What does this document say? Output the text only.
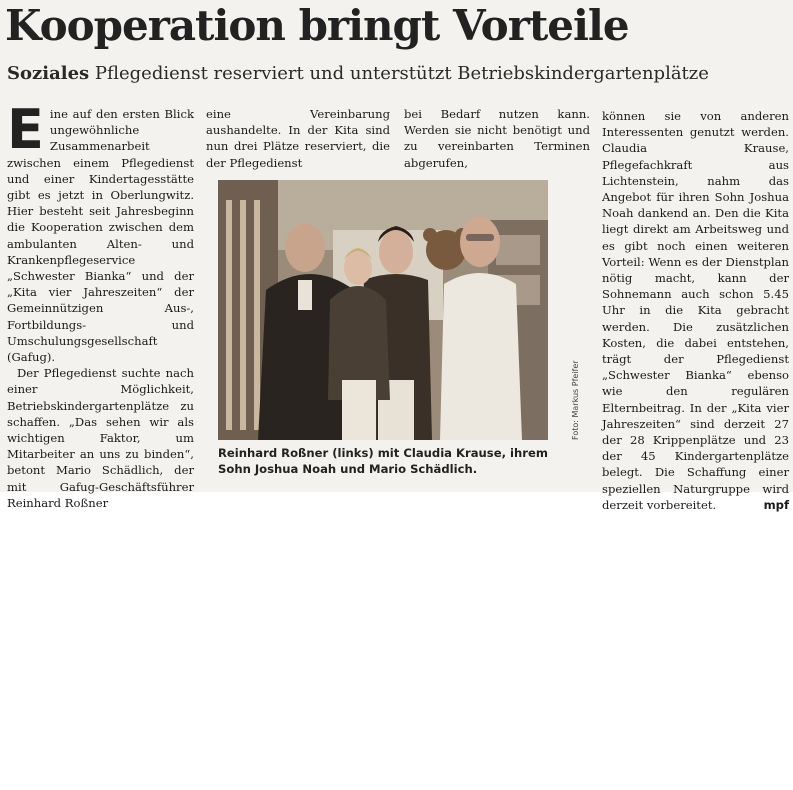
Kooperation bringt Vorteile
Soziales Pflegedienst reserviert und unterstützt Betriebskindergartenplätze

Eine auf den ersten Blick ungewöhnliche Zusammenarbeit zwischen einem Pflegedienst und einer Kindertagesstätte gibt es jetzt in Oberlungwitz. Hier besteht seit Jahresbeginn die Kooperation zwischen dem ambulanten Alten- und Krankenpflegeservice „Schwester Bianka“ und der „Kita vier Jahreszeiten“ der Gemeinnützigen Aus-, Fortbildungs- und Umschulungsgesellschaft (Gafug).

Der Pflegedienst suchte nach einer Möglichkeit, Betriebskindergartenplätze zu schaffen. „Das sehen wir als wichtigen Faktor, um Mitarbeiter an uns zu binden“, betont Mario Schädlich, der mit Gafug-Geschäftsführer Reinhard Roßner

eine Vereinbarung aushandelte. In der Kita sind nun drei Plätze reserviert, die der Pflegedienst

bei Bedarf nutzen kann. Werden sie nicht benötigt und zu vereinbarten Terminen abgerufen,

können sie von anderen Interessenten genutzt werden. Claudia Krause, Pflegefachkraft aus Lichtenstein, nahm das Angebot für ihren Sohn Joshua Noah dankend an. Den die Kita liegt direkt am Arbeitsweg und es gibt noch einen weiteren Vorteil: Wenn es der Dienstplan nötig macht, kann der Sohnemann auch schon 5.45 Uhr in die Kita gebracht werden. Die zusätzlichen Kosten, die dabei entstehen, trägt der Pflegedienst „Schwester Bianka“ ebenso wie den regulären Elternbeitrag. In der „Kita vier Jahreszeiten“ sind derzeit 27 der 28 Krippenplätze und 23 der 45 Kindergartenplätze belegt. Die Schaffung einer speziellen Naturgruppe wird derzeit vorbereitet.	mpf

Foto: Markus Pfeifer
Reinhard Roßner (links) mit Claudia Krause, ihrem Sohn Joshua Noah und Mario Schädlich.
